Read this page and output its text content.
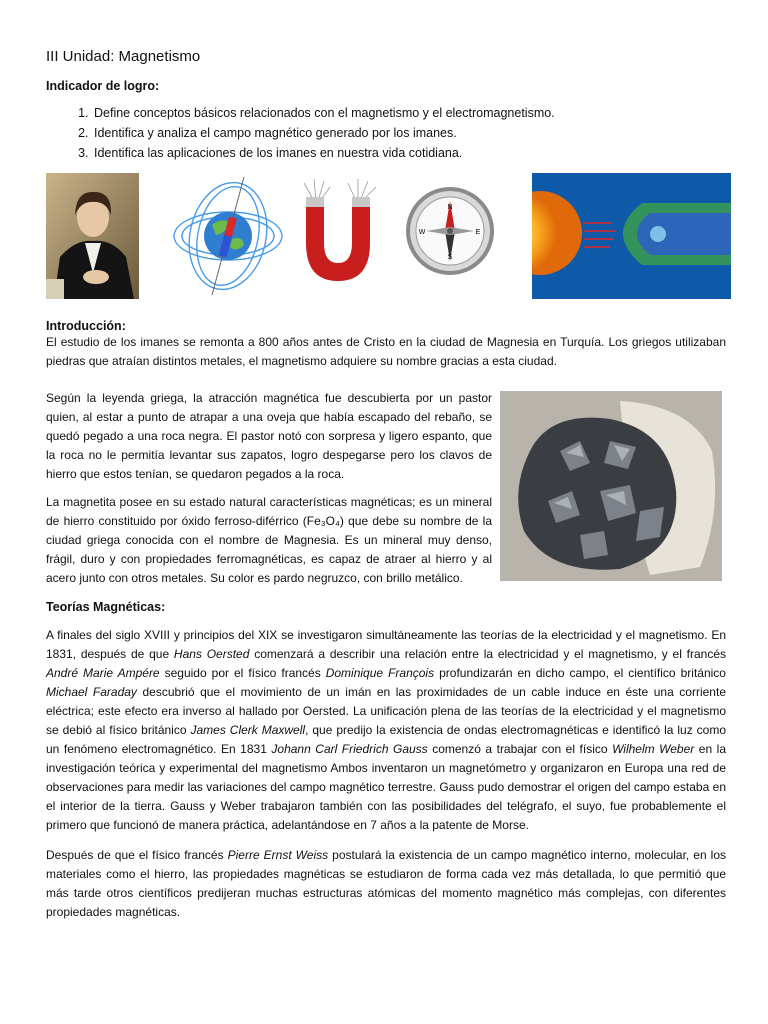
III Unidad: Magnetismo
Indicador de logro:
1. Define conceptos básicos relacionados con el magnetismo y el electromagnetismo.
2. Identifica y analiza el campo magnético generado por los imanes.
3. Identifica las aplicaciones de los imanes en nuestra vida cotidiana.
N
S
E
W
Introducción:

El estudio de los imanes se remonta a 800 años antes de Cristo en la ciudad de Magnesia en Turquía. Los griegos utilizaban piedras que atraían distintos metales, el magnetismo adquiere su nombre gracias a esta ciudad.

Según la leyenda griega, la atracción magnética fue descubierta por un pastor quien, al estar a punto de atrapar a una oveja que había escapado del rebaño, se quedó pegado a una roca negra. El pastor notó con sorpresa y ligero espanto, que la roca no le permitía levantar sus zapatos, logro despegarse pero los clavos de hierro que estos tenían, se quedaron pegados a la roca.

La magnetita posee en su estado natural características magnéticas; es un mineral de hierro constituido por óxido ferroso-diférrico (Fe₃O₄) que debe su nombre de la ciudad griega conocida con el nombre de Magnesia. Es un mineral muy denso, frágil, duro y con propiedades ferromagnéticas, es capaz de atraer al hierro y al acero junto con otros metales. Su color es pardo negruzco, con brillo metálico.

Teorías Magnéticas:

A finales del siglo XVIII y principios del XIX se investigaron simultáneamente las teorías de la electricidad y el magnetismo. En 1831, después de que Hans Oersted comenzará a describir una relación entre la electricidad y el magnetismo, y el francés André Marie Ampére seguido por el físico francés Dominique François profundizarán en dicho campo, el científico británico Michael Faraday descubrió que el movimiento de un imán en las proximidades de un cable induce en éste una corriente eléctrica; este efecto era inverso al hallado por Oersted. La unificación plena de las teorías de la electricidad y el magnetismo se debió al físico británico James Clerk Maxwell, que predijo la existencia de ondas electromagnéticas e identificó la luz como un fenómeno electromagnético. En 1831 Johann Carl Friedrich Gauss comenzó a trabajar con el físico Wilhelm Weber en la investigación teórica y experimental del magnetismo Ambos inventaron un magnetómetro y organizaron en Europa una red de observaciones para medir las variaciones del campo magnético terrestre. Gauss pudo demostrar el origen del campo estaba en el interior de la tierra. Gauss y Weber trabajaron también con las posibilidades del telégrafo, el suyo, fue probablemente el primero que funcionó de manera práctica, adelantándose en 7 años a la patente de Morse.

Después de que el físico francés Pierre Ernst Weiss postulará la existencia de un campo magnético interno, molecular, en los materiales como el hierro, las propiedades magnéticas se estudiaron de forma cada vez más detallada, lo que permitió que más tarde otros científicos predijeran muchas estructuras atómicas del momento magnético más complejas, con diferentes propiedades magnéticas.
